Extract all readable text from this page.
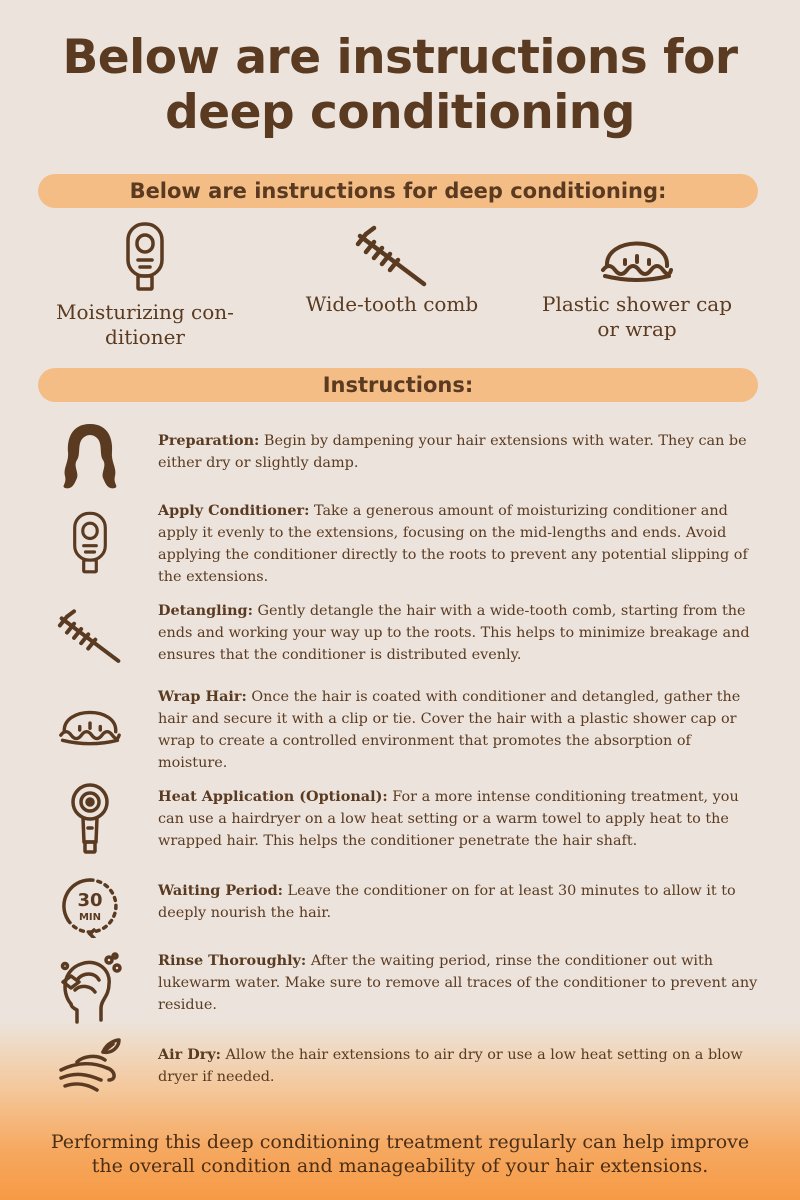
Below are instructions for
deep conditioning
Below are instructions for deep conditioning:
Moisturizing con-
ditioner
Wide-tooth comb	Plastic shower cap
or wrap
Instructions:
Preparation: Begin by dampening your hair extensions with water. They can be either dry or slightly damp.
Apply Conditioner: Take a generous amount of moisturizing conditioner and apply it evenly to the extensions, focusing on the mid-lengths and ends. Avoid applying the conditioner directly to the roots to prevent any potential slipping of the extensions.
Detangling: Gently detangle the hair with a wide-tooth comb, starting from the ends and working your way up to the roots. This helps to minimize breakage and ensures that the conditioner is distributed evenly.
Wrap Hair: Once the hair is coated with conditioner and detangled, gather the hair and secure it with a clip or tie. Cover the hair with a plastic shower cap or wrap to create a controlled environment that promotes the absorption of moisture.
Heat Application (Optional): For a more intense conditioning treatment, you can use a hairdryer on a low heat setting or a warm towel to apply heat to the wrapped hair. This helps the conditioner penetrate the hair shaft.
30
MIN
Waiting Period: Leave the conditioner on for at least 30 minutes to allow it to deeply nourish the hair.
Rinse Thoroughly: After the waiting period, rinse the conditioner out with lukewarm water. Make sure to remove all traces of the conditioner to prevent any residue.
Air Dry: Allow the hair extensions to air dry or use a low heat setting on a blow dryer if needed.
Performing this deep conditioning treatment regularly can help improve
the overall condition and manageability of your hair extensions.
